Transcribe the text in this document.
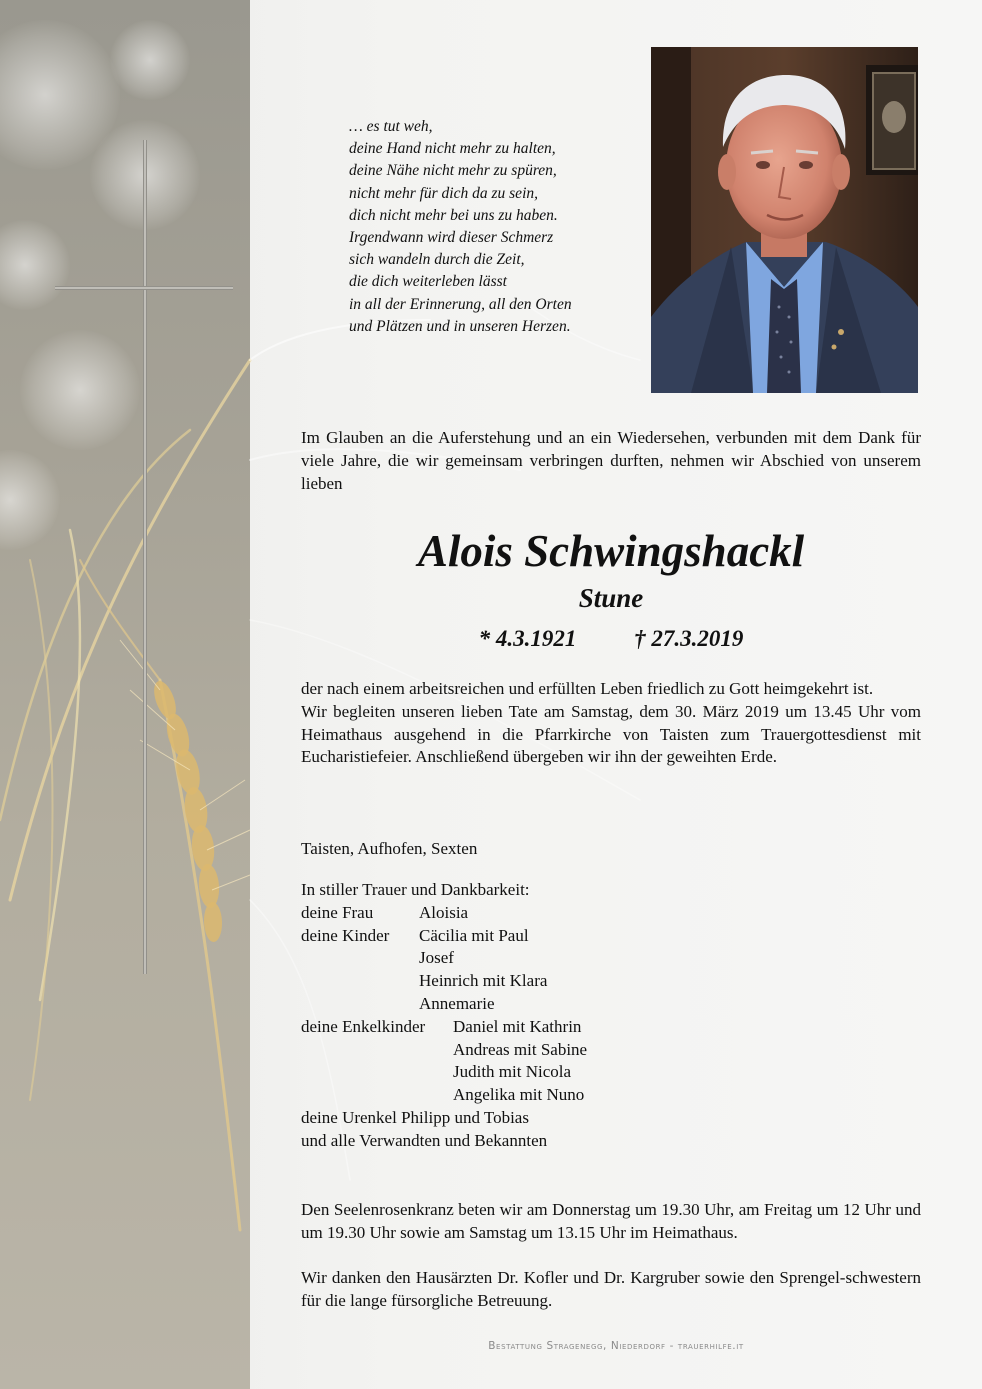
… es tut weh,
deine Hand nicht mehr zu halten,
deine Nähe nicht mehr zu spüren,
nicht mehr für dich da zu sein,
dich nicht mehr bei uns zu haben.
Irgendwann wird dieser Schmerz
sich wandeln durch die Zeit,
die dich weiterleben lässt
in all der Erinnerung, all den Orten
und Plätzen und in unseren Herzen.
Im Glauben an die Auferstehung und an ein Wiedersehen, verbunden mit dem Dank für viele Jahre, die wir gemeinsam verbringen durften, nehmen wir Abschied von unserem lieben
Alois Schwingshackl
Stune
* 4.3.1921	† 27.3.2019

der nach einem arbeitsreichen und erfüllten Leben friedlich zu Gott heimgekehrt ist.

Wir begleiten unseren lieben Tate am Samstag, dem 30. März 2019 um 13.45 Uhr vom Heimathaus ausgehend in die Pfarrkirche von Taisten zum Trauergottesdienst mit Eucharistiefeier. Anschließend übergeben wir ihn der geweihten Erde.

Taisten, Aufhofen, Sexten
In stiller Trauer und Dankbarkeit:
deine Frau	Aloisia
deine Kinder Cäcilia mit Paul
Josef
Heinrich mit Klara
Annemarie
deine Enkelkinder Daniel mit Kathrin
Andreas mit Sabine
Judith mit Nicola
Angelika mit Nuno
deine Urenkel Philipp und Tobias
und alle Verwandten und Bekannten
Den Seelenrosenkranz beten wir am Donnerstag um 19.30 Uhr, am Freitag um 12 Uhr und um 19.30 Uhr sowie am Samstag um 13.15 Uhr im Heimathaus.
Wir danken den Hausärzten Dr. Kofler und Dr. Kargruber sowie den Sprengel-schwestern für die lange fürsorgliche Betreuung.
Bestattung Stragenegg, Niederdorf - trauerhilfe.it
